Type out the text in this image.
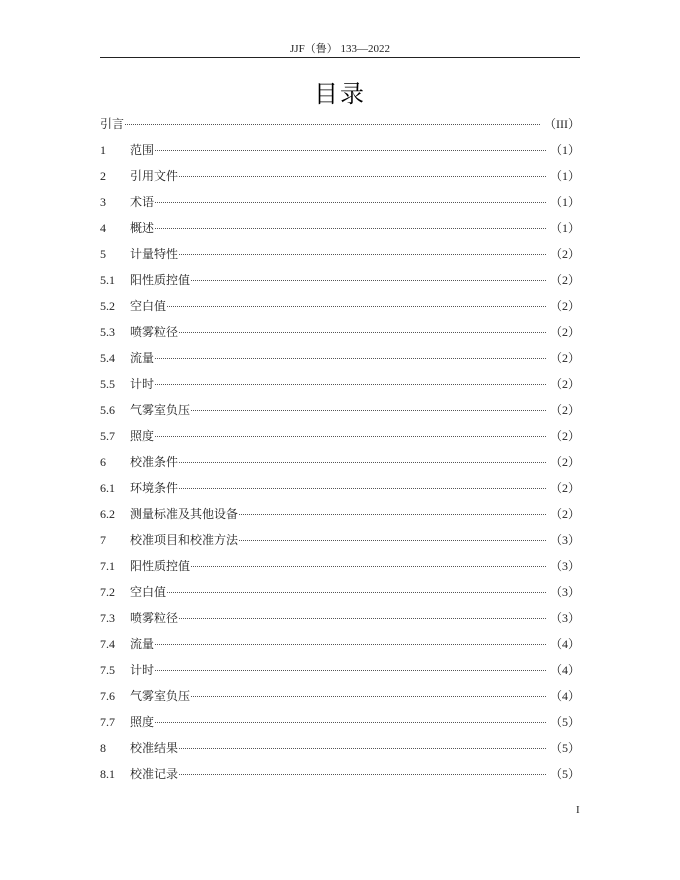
JJF（鲁） 133—2022
目录
引言	（III）
1	范围	（1）
2	引用文件	（1）
3	术语	（1）
4	概述	（1）
5	计量特性	（2）
5.1	阳性质控值	（2）
5.2	空白值	（2）
5.3	喷雾粒径	（2）
5.4	流量	（2）
5.5	计时	（2）
5.6	气雾室负压	（2）
5.7	照度	（2）
6	校准条件	（2）
6.1	环境条件	（2）
6.2	测量标准及其他设备	（2）
7	校准项目和校准方法	（3）
7.1	阳性质控值	（3）
7.2	空白值	（3）
7.3	喷雾粒径	（3）
7.4	流量	（4）
7.5	计时	（4）
7.6	气雾室负压	（4）
7.7	照度	（5）
8	校准结果	（5）
8.1	校准记录	（5）
I
